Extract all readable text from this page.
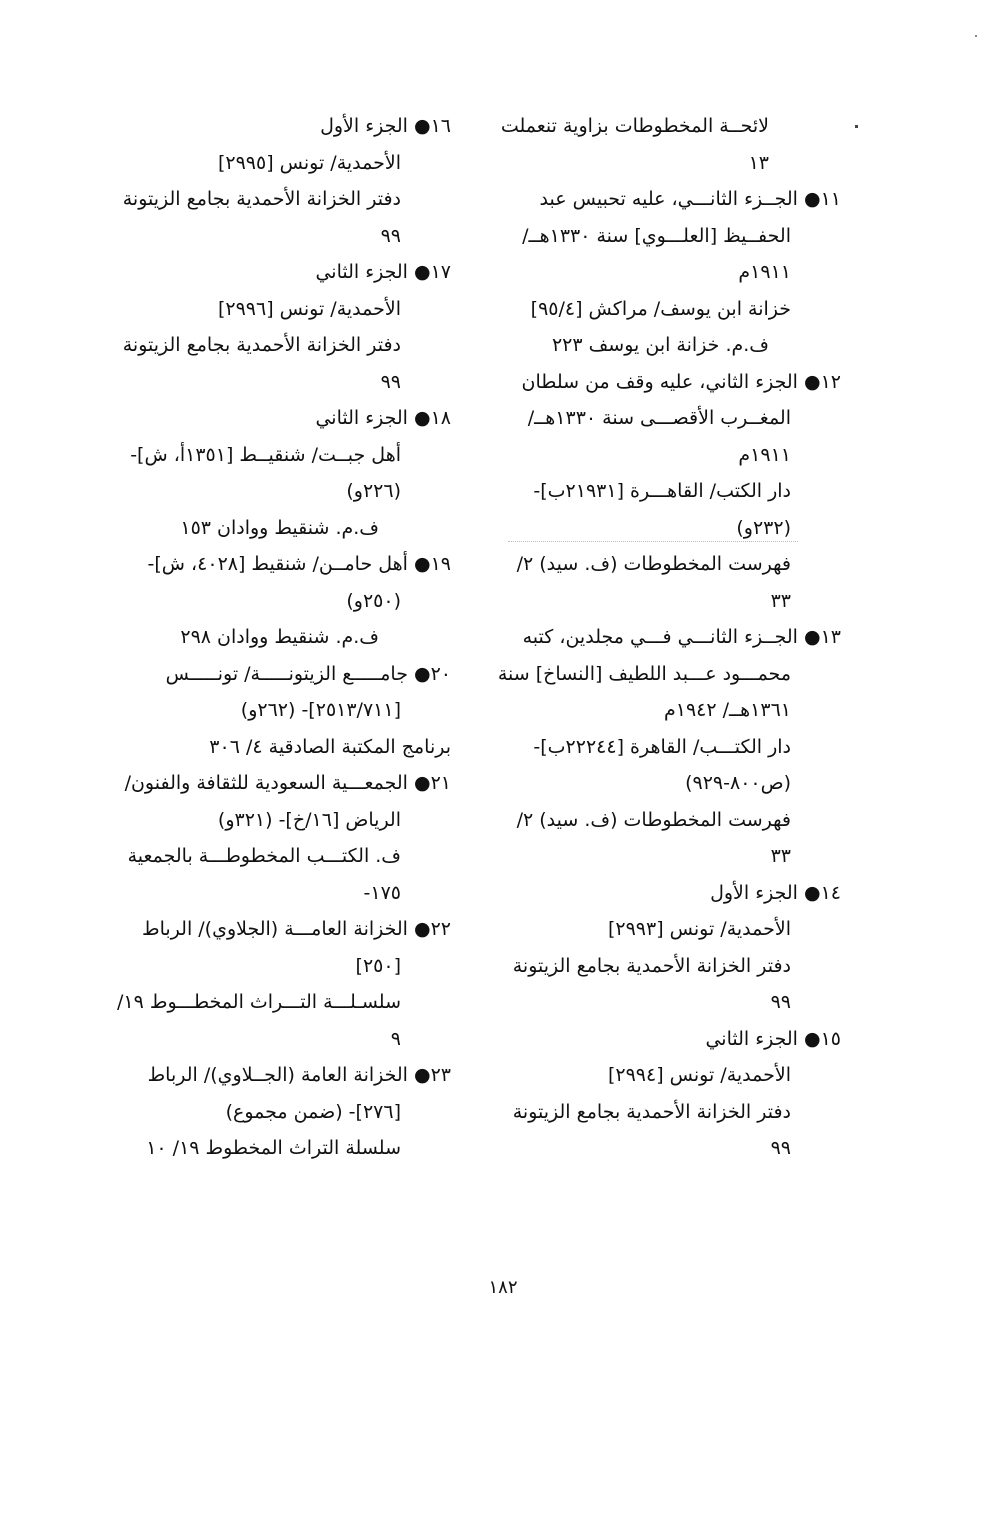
لائحــة المخطوطات بزاوية تنعملت
١٣
١١● الجــزء الثانـــي، عليه تحبيس عبد
الحفــيظ [العلـــوي] سنة ١٣٣٠هــ/
١٩١١م
خزانة ابن يوسف/ مراكش [٩٥/٤]
ف.م. خزانة ابن يوسف ٢٢٣
١٢● الجزء الثاني، عليه وقف من سلطان
المغــرب الأقصـــى سنة ١٣٣٠هــ/
١٩١١م
دار الكتب/ القاهـــرة [٢١٩٣١ب]-
(٢٣٢و)
فهرست المخطوطات (ف. سيد) ٢/
٣٣
١٣● الجــزء الثانـــي فـــي مجلدين، كتبه
محمـــود عـــبد اللطيف [النساخ] سنة
١٣٦١هــ/ ١٩٤٢م
دار الكتـــب/ القاهرة [٢٢٢٤٤ب]-
(ص٨٠٠-٩٢٩)
فهرست المخطوطات (ف. سيد) ٢/
٣٣
١٤● الجزء الأول
الأحمدية/ تونس [٢٩٩٣]
دفتر الخزانة الأحمدية بجامع الزيتونة
٩٩
١٥● الجزء الثاني
الأحمدية/ تونس [٢٩٩٤]
دفتر الخزانة الأحمدية بجامع الزيتونة
٩٩
١٦● الجزء الأول
الأحمدية/ تونس [٢٩٩٥]
دفتر الخزانة الأحمدية بجامع الزيتونة
٩٩
١٧● الجزء الثاني
الأحمدية/ تونس [٢٩٩٦]
دفتر الخزانة الأحمدية بجامع الزيتونة
٩٩
١٨● الجزء الثاني
أهل جبــت/ شنقيــط [١٣٥١أ، ش]-
(٢٢٦و)
ف.م. شنقيط ووادان ١٥٣
١٩● أهل حامــن/ شنقيط [٤٠٢٨، ش]-
(٢٥٠و)
ف.م. شنقيط ووادان ٢٩٨
٢٠● جامـــــع الزيتونـــــة/ تونـــــس
[٢٥١٣/٧١١]- (٢٦٢و)
برنامج المكتبة الصادقية ٤/ ٣٠٦
٢١● الجمعـــية السعودية للثقافة والفنون/
الرياض [١٦/خ]- (٣٢١و)
ف. الكتـــب المخطوطـــة بالجمعية
١٧٥-
٢٢● الخزانة العامـــة (الجلاوي)/ الرباط
[٢٥٠]
سلسـلـــة التـــراث المخطـــوط ١٩/
٩
٢٣● الخزانة العامة (الجــلاوي)/ الرباط
[٢٧٦]- (ضمن مجموع)
سلسلة التراث المخطوط ١٩/ ١٠
١٨٢
